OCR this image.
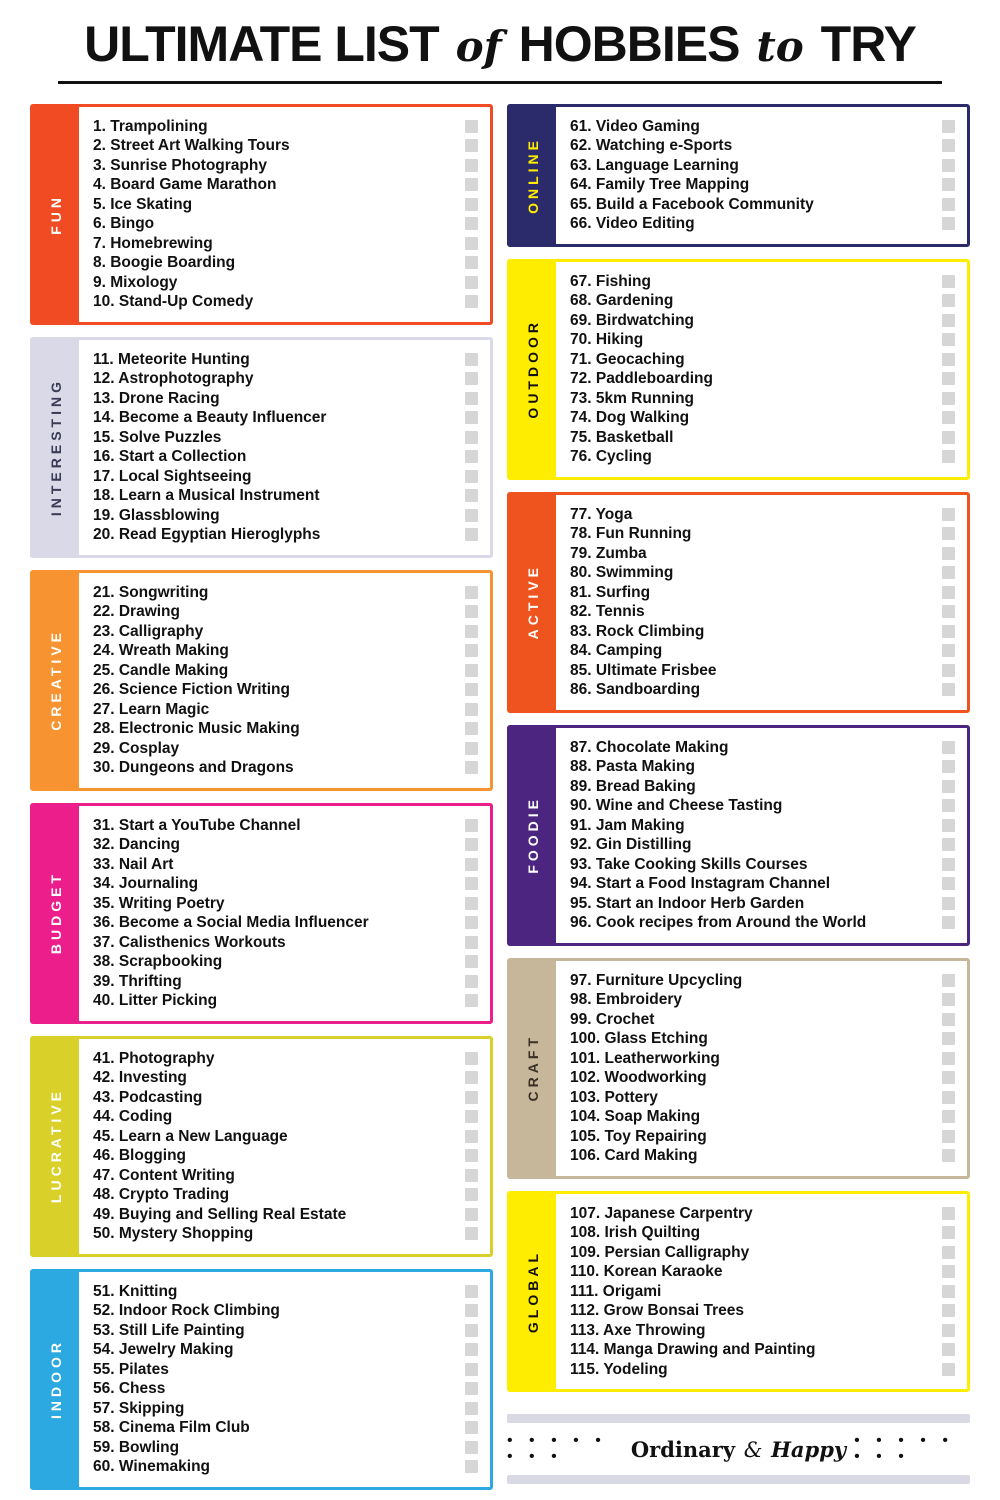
ULTIMATE LIST of HOBBIES to TRY
FUN
1. Trampolining
2. Street Art Walking Tours
3. Sunrise Photography
4. Board Game Marathon
5. Ice Skating
6. Bingo
7. Homebrewing
8. Boogie Boarding
9. Mixology
10. Stand-Up Comedy
INTERESTING
11. Meteorite Hunting
12. Astrophotography
13. Drone Racing
14. Become a Beauty Influencer
15. Solve Puzzles
16. Start a Collection
17. Local Sightseeing
18. Learn a Musical Instrument
19. Glassblowing
20. Read Egyptian Hieroglyphs
CREATIVE
21. Songwriting
22. Drawing
23. Calligraphy
24. Wreath Making
25. Candle Making
26. Science Fiction Writing
27. Learn Magic
28. Electronic Music Making
29. Cosplay
30. Dungeons and Dragons
BUDGET
31. Start a YouTube Channel
32. Dancing
33. Nail Art
34. Journaling
35. Writing Poetry
36. Become a Social Media Influencer
37. Calisthenics Workouts
38. Scrapbooking
39. Thrifting
40. Litter Picking
LUCRATIVE
41. Photography
42. Investing
43. Podcasting
44. Coding
45. Learn a New Language
46. Blogging
47. Content Writing
48. Crypto Trading
49. Buying and Selling Real Estate
50. Mystery Shopping
INDOOR
51. Knitting
52. Indoor Rock Climbing
53. Still Life Painting
54. Jewelry Making
55. Pilates
56. Chess
57. Skipping
58. Cinema Film Club
59. Bowling
60. Winemaking
ONLINE
61. Video Gaming
62. Watching e-Sports
63. Language Learning
64. Family Tree Mapping
65. Build a Facebook Community
66. Video Editing
OUTDOOR
67. Fishing
68. Gardening
69. Birdwatching
70. Hiking
71. Geocaching
72. Paddleboarding
73. 5km Running
74. Dog Walking
75. Basketball
76. Cycling
ACTIVE
77. Yoga
78. Fun Running
79. Zumba
80. Swimming
81. Surfing
82. Tennis
83. Rock Climbing
84. Camping
85. Ultimate Frisbee
86. Sandboarding
FOODIE
87. Chocolate Making
88. Pasta Making
89. Bread Baking
90. Wine and Cheese Tasting
91. Jam Making
92. Gin Distilling
93. Take Cooking Skills Courses
94. Start a Food Instagram Channel
95. Start an Indoor Herb Garden
96. Cook recipes from Around the World
CRAFT
97. Furniture Upcycling
98. Embroidery
99. Crochet
100. Glass Etching
101. Leatherworking
102. Woodworking
103. Pottery
104. Soap Making
105. Toy Repairing
106. Card Making
GLOBAL
107. Japanese Carpentry
108. Irish Quilting
109. Persian Calligraphy
110. Korean Karaoke
111. Origami
112. Grow Bonsai Trees
113. Axe Throwing
114. Manga Drawing and Painting
115. Yodeling
• • • • • • • •	Ordinary & Happy • • • • • • • •
